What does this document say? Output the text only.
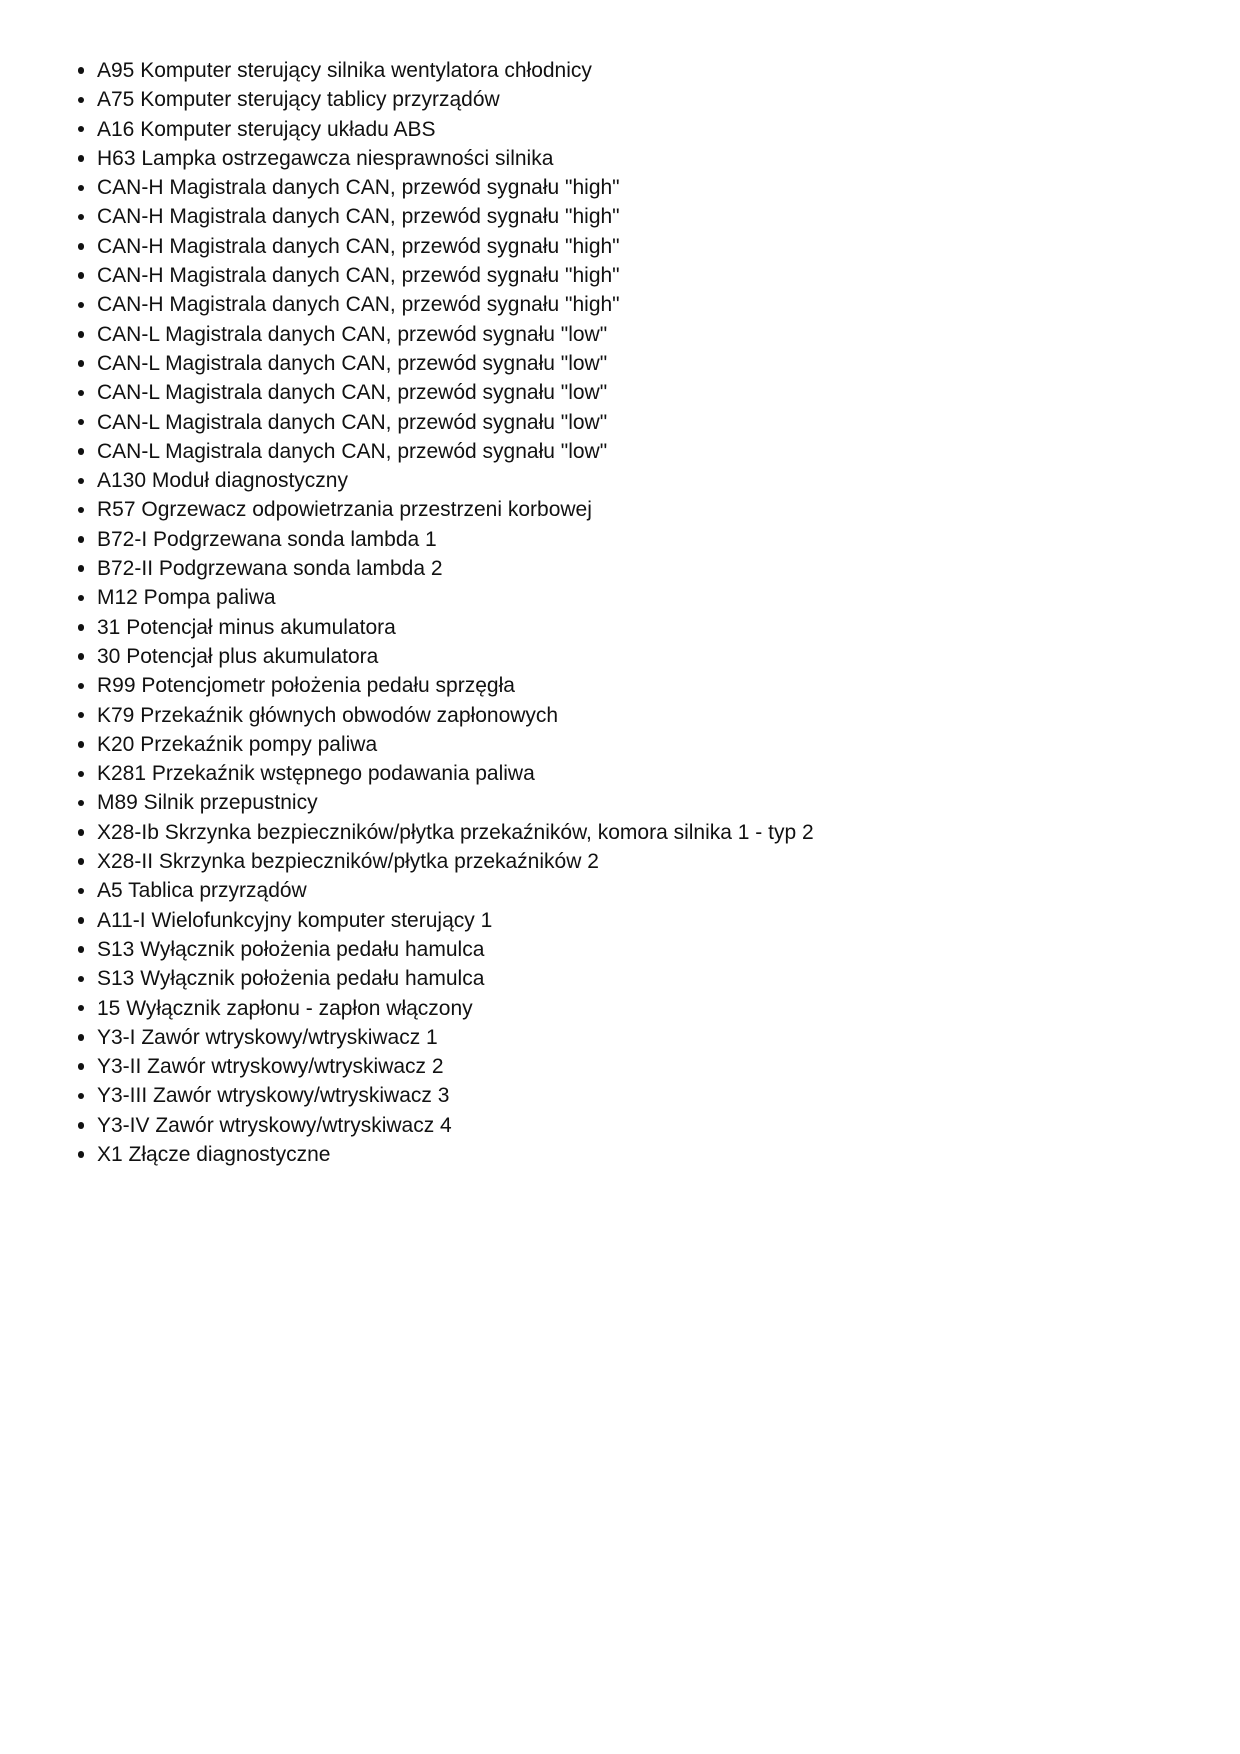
A95 Komputer sterujący silnika wentylatora chłodnicy
A75 Komputer sterujący tablicy przyrządów
A16 Komputer sterujący układu ABS
H63 Lampka ostrzegawcza niesprawności silnika
CAN-H Magistrala danych CAN, przewód sygnału "high"
CAN-H Magistrala danych CAN, przewód sygnału "high"
CAN-H Magistrala danych CAN, przewód sygnału "high"
CAN-H Magistrala danych CAN, przewód sygnału "high"
CAN-H Magistrala danych CAN, przewód sygnału "high"
CAN-L Magistrala danych CAN, przewód sygnału "low"
CAN-L Magistrala danych CAN, przewód sygnału "low"
CAN-L Magistrala danych CAN, przewód sygnału "low"
CAN-L Magistrala danych CAN, przewód sygnału "low"
CAN-L Magistrala danych CAN, przewód sygnału "low"
A130 Moduł diagnostyczny
R57 Ogrzewacz odpowietrzania przestrzeni korbowej
B72-I Podgrzewana sonda lambda 1
B72-II Podgrzewana sonda lambda 2
M12 Pompa paliwa
31 Potencjał minus akumulatora
30 Potencjał plus akumulatora
R99 Potencjometr położenia pedału sprzęgła
K79 Przekaźnik głównych obwodów zapłonowych
K20 Przekaźnik pompy paliwa
K281 Przekaźnik wstępnego podawania paliwa
M89 Silnik przepustnicy
X28-Ib Skrzynka bezpieczników/płytka przekaźników, komora silnika 1 - typ 2
X28-II Skrzynka bezpieczników/płytka przekaźników 2
A5 Tablica przyrządów
A11-I Wielofunkcyjny komputer sterujący 1
S13 Wyłącznik położenia pedału hamulca
S13 Wyłącznik położenia pedału hamulca
15 Wyłącznik zapłonu - zapłon włączony
Y3-I Zawór wtryskowy/wtryskiwacz 1
Y3-II Zawór wtryskowy/wtryskiwacz 2
Y3-III Zawór wtryskowy/wtryskiwacz 3
Y3-IV Zawór wtryskowy/wtryskiwacz 4
X1 Złącze diagnostyczne
